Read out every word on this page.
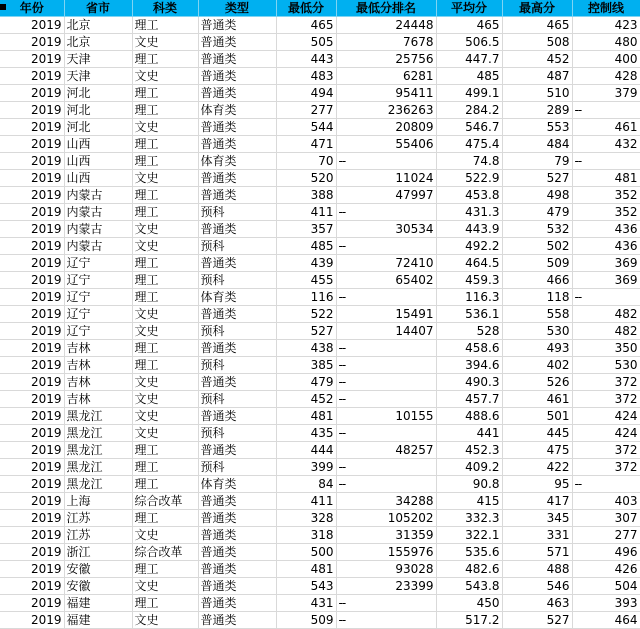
年份	省市	科类	类型	最低分	最低分排名	平均分	最高分	控制线
2019	北京	理工	普通类	465	24448	465	465	423
2019	北京	文史	普通类	505	7678	506.5	508	480
2019	天津	理工	普通类	443	25756	447.7	452	400
2019	天津	文史	普通类	483	6281	485	487	428
2019	河北	理工	普通类	494	95411	499.1	510	379
2019	河北	理工	体育类	277	236263	284.2	289	--
2019	河北	文史	普通类	544	20809	546.7	553	461
2019	山西	理工	普通类	471	55406	475.4	484	432
2019	山西	理工	体育类	70	--	74.8	79	--
2019	山西	文史	普通类	520	11024	522.9	527	481
2019	内蒙古	理工	普通类	388	47997	453.8	498	352
2019	内蒙古	理工	预科	411	--	431.3	479	352
2019	内蒙古	文史	普通类	357	30534	443.9	532	436
2019	内蒙古	文史	预科	485	--	492.2	502	436
2019	辽宁	理工	普通类	439	72410	464.5	509	369
2019	辽宁	理工	预科	455	65402	459.3	466	369
2019	辽宁	理工	体育类	116	--	116.3	118	--
2019	辽宁	文史	普通类	522	15491	536.1	558	482
2019	辽宁	文史	预科	527	14407	528	530	482
2019	吉林	理工	普通类	438	--	458.6	493	350
2019	吉林	理工	预科	385	--	394.6	402	530
2019	吉林	文史	普通类	479	--	490.3	526	372
2019	吉林	文史	预科	452	--	457.7	461	372
2019	黑龙江	文史	普通类	481	10155	488.6	501	424
2019	黑龙江	文史	预科	435	--	441	445	424
2019	黑龙江	理工	普通类	444	48257	452.3	475	372
2019	黑龙江	理工	预科	399	--	409.2	422	372
2019	黑龙江	理工	体育类	84	--	90.8	95	--
2019	上海	综合改革	普通类	411	34288	415	417	403
2019	江苏	理工	普通类	328	105202	332.3	345	307
2019	江苏	文史	普通类	318	31359	322.1	331	277
2019	浙江	综合改革	普通类	500	155976	535.6	571	496
2019	安徽	理工	普通类	481	93028	482.6	488	426
2019	安徽	文史	普通类	543	23399	543.8	546	504
2019	福建	理工	普通类	431	--	450	463	393
2019	福建	文史	普通类	509	--	517.2	527	464
